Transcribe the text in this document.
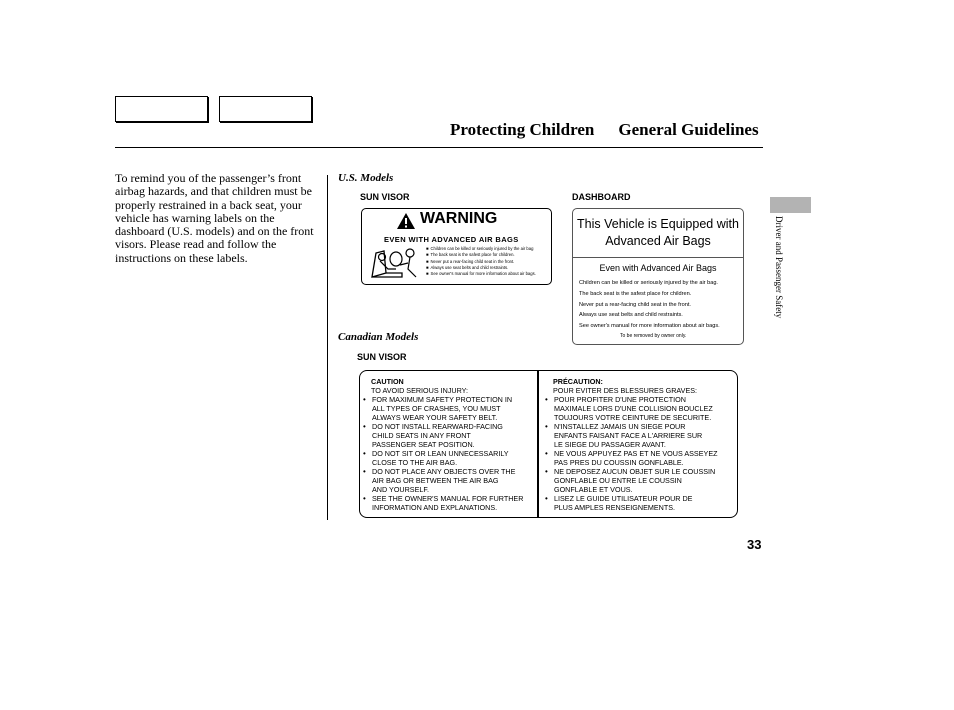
Protecting Children General Guidelines
Driver and Passenger Safety
To remind you of the passenger’s front airbag hazards, and that children must be properly restrained in a back seat, your vehicle has warning labels on the dashboard (U.S. models) and on the front visors. Please read and follow the instructions on these labels.
U.S. Models
SUN VISOR	DASHBOARD
WARNING
EVEN WITH ADVANCED AIR BAGS
■ Children can be killed or seriously injured by the air bag
■ The back seat is the safest place for children.
■ Never put a rear-facing child seat in the front.
■ Always use seat belts and child restraints.
■ See owner's manual for more information about air bags.
This Vehicle is Equipped with
Advanced Air Bags
Even with Advanced Air Bags
Children can be killed or seriously injured by the air bag.
The back seat is the safest place for children.
Never put a rear-facing child seat in the front.
Always use seat belts and child restraints.
See owner's manual for more information about air bags.
To be removed by owner only.
Canadian Models
SUN VISOR
CAUTION
TO AVOID SERIOUS INJURY:
• FOR MAXIMUM SAFETY PROTECTION IN
ALL TYPES OF CRASHES, YOU MUST
ALWAYS WEAR YOUR SAFETY BELT.
• DO NOT INSTALL REARWARD-FACING
CHILD SEATS IN ANY FRONT
PASSENGER SEAT POSITION.
• DO NOT SIT OR LEAN UNNECESSARILY
CLOSE TO THE AIR BAG.
• DO NOT PLACE ANY OBJECTS OVER THE
AIR BAG OR BETWEEN THE AIR BAG
AND YOURSELF.
• SEE THE OWNER'S MANUAL FOR FURTHER
INFORMATION AND EXPLANATIONS.
PRÉCAUTION:
POUR EVITER DES BLESSURES GRAVES:
• POUR PROFITER D'UNE PROTECTION
MAXIMALE LORS D'UNE COLLISION BOUCLEZ
TOUJOURS VOTRE CEINTURE DE SECURITE.
• N'INSTALLEZ JAMAIS UN SIEGE POUR
ENFANTS FAISANT FACE A L'ARRIERE SUR
LE SIEGE DU PASSAGER AVANT.
• NE VOUS APPUYEZ PAS ET NE VOUS ASSEYEZ
PAS PRES DU COUSSIN GONFLABLE.
• NE DEPOSEZ AUCUN OBJET SUR LE COUSSIN
GONFLABLE OU ENTRE LE COUSSIN
GONFLABLE ET VOUS.
• LISEZ LE GUIDE UTILISATEUR POUR DE
PLUS AMPLES RENSEIGNEMENTS.
33
